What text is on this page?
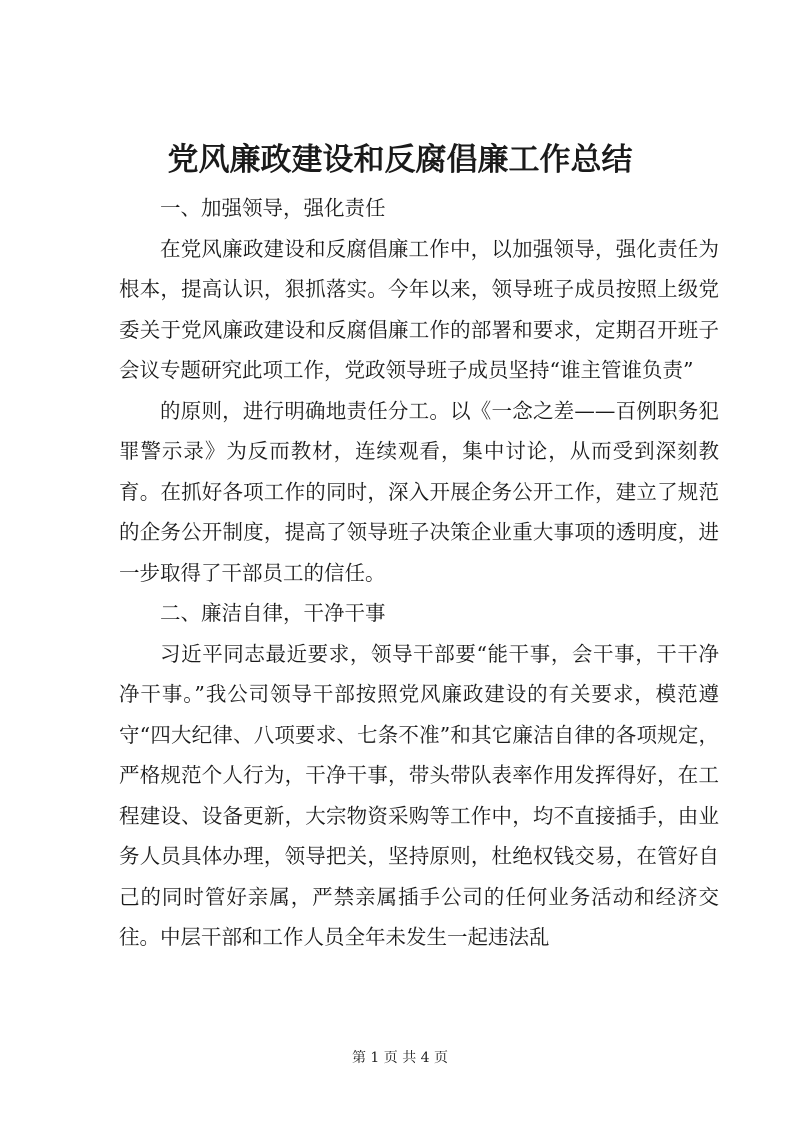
党风廉政建设和反腐倡廉工作总结

一、加强领导，强化责任

在党风廉政建设和反腐倡廉工作中，以加强领导，强化责任为根本，提高认识，狠抓落实。今年以来，领导班子成员按照上级党委关于党风廉政建设和反腐倡廉工作的部署和要求，定期召开班子会议专题研究此项工作，党政领导班子成员坚持“谁主管谁负责”

的原则，进行明确地责任分工。以《一念之差——百例职务犯罪警示录》为反而教材，连续观看，集中讨论，从而受到深刻教育。在抓好各项工作的同时，深入开展企务公开工作，建立了规范的企务公开制度，提高了领导班子决策企业重大事项的透明度，进一步取得了干部员工的信任。

二、廉洁自律，干净干事

习近平同志最近要求，领导干部要“能干事，会干事，干干净净干事。”我公司领导干部按照党风廉政建设的有关要求，模范遵守“四大纪律、八项要求、七条不准”和其它廉洁自律的各项规定，严格规范个人行为，干净干事，带头带队表率作用发挥得好，在工程建设、设备更新，大宗物资采购等工作中，均不直接插手，由业务人员具体办理，领导把关，坚持原则，杜绝权钱交易，在管好自己的同时管好亲属，严禁亲属插手公司的任何业务活动和经济交往。中层干部和工作人员全年未发生一起违法乱

第 1 页 共 4 页
